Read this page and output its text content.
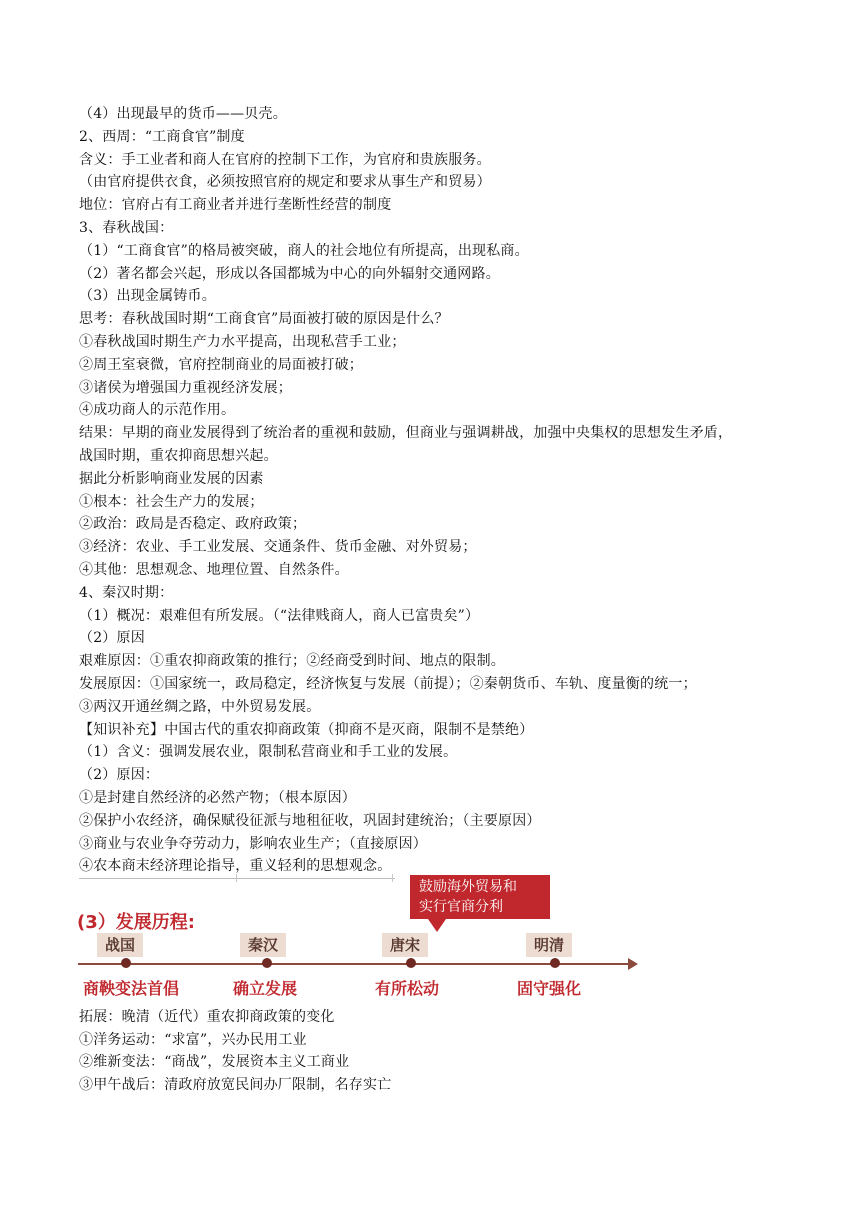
（4）出现最早的货币——贝壳。
2、西周：“工商食官”制度
含义：手工业者和商人在官府的控制下工作，为官府和贵族服务。
（由官府提供衣食，必须按照官府的规定和要求从事生产和贸易）
地位：官府占有工商业者并进行垄断性经营的制度
3、春秋战国：
（1）“工商食官”的格局被突破，商人的社会地位有所提高，出现私商。
（2）著名都会兴起，形成以各国都城为中心的向外辐射交通网路。
（3）出现金属铸币。
思考：春秋战国时期“工商食官”局面被打破的原因是什么？
①春秋战国时期生产力水平提高，出现私营手工业；
②周王室衰微，官府控制商业的局面被打破；
③诸侯为增强国力重视经济发展；
④成功商人的示范作用。
结果：早期的商业发展得到了统治者的重视和鼓励，但商业与强调耕战，加强中央集权的思想发生矛盾，
战国时期，重农抑商思想兴起。
据此分析影响商业发展的因素
①根本：社会生产力的发展；
②政治：政局是否稳定、政府政策；
③经济：农业、手工业发展、交通条件、货币金融、对外贸易；
④其他：思想观念、地理位置、自然条件。
4、秦汉时期：
（1）概况：艰难但有所发展。（“法律贱商人，商人已富贵矣”）
（2）原因
艰难原因：①重农抑商政策的推行；②经商受到时间、地点的限制。
发展原因：①国家统一，政局稳定，经济恢复与发展（前提）；②秦朝货币、车轨、度量衡的统一；
③两汉开通丝绸之路，中外贸易发展。
【知识补充】中国古代的重农抑商政策（抑商不是灭商，限制不是禁绝）
（1）含义：强调发展农业，限制私营商业和手工业的发展。
（2）原因：
①是封建自然经济的必然产物；（根本原因）
②保护小农经济，确保赋役征派与地租征收，巩固封建统治；（主要原因）
③商业与农业争夺劳动力，影响农业生产；（直接原因）
④农本商末经济理论指导，重义轻利的思想观念。
鼓励海外贸易和
实行官商分利
(3）发展历程:
战国	秦汉	唐宋	明清
商鞅变法首倡	确立发展	有所松动	固守强化
拓展：晚清（近代）重农抑商政策的变化
①洋务运动：“求富”，兴办民用工业
②维新变法：“商战”，发展资本主义工商业
③甲午战后：清政府放宽民间办厂限制，名存实亡
